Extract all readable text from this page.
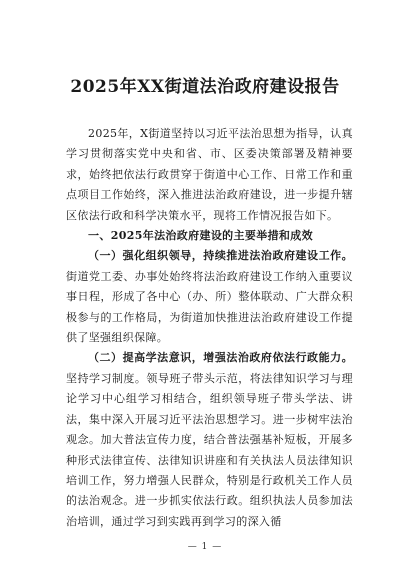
2025年XX街道法治政府建设报告

2025年，X街道坚持以习近平法治思想为指导，认真学习贯彻落实党中央和省、市、区委决策部署及精神要求，始终把依法行政贯穿于街道中心工作、日常工作和重点项目工作始终，深入推进法治政府建设，进一步提升辖区依法行政和科学决策水平，现将工作情况报告如下。

一、2025年法治政府建设的主要举措和成效

（一）强化组织领导，持续推进法治政府建设工作。街道党工委、办事处始终将法治政府建设工作纳入重要议事日程，形成了各中心（办、所）整体联动、广大群众积极参与的工作格局，为街道加快推进法治政府建设工作提供了坚强组织保障。

（二）提高学法意识，增强法治政府依法行政能力。坚持学习制度。领导班子带头示范，将法律知识学习与理论学习中心组学习相结合，组织领导班子带头学法、讲法，集中深入开展习近平法治思想学习。进一步树牢法治观念。加大普法宣传力度，结合普法强基补短板，开展多种形式法律宣传、法律知识讲座和有关执法人员法律知识培训工作，努力增强人民群众，特别是行政机关工作人员的法治观念。进一步抓实依法行政。组织执法人员参加法治培训，通过学习到实践再到学习的深入循

— 1 —
